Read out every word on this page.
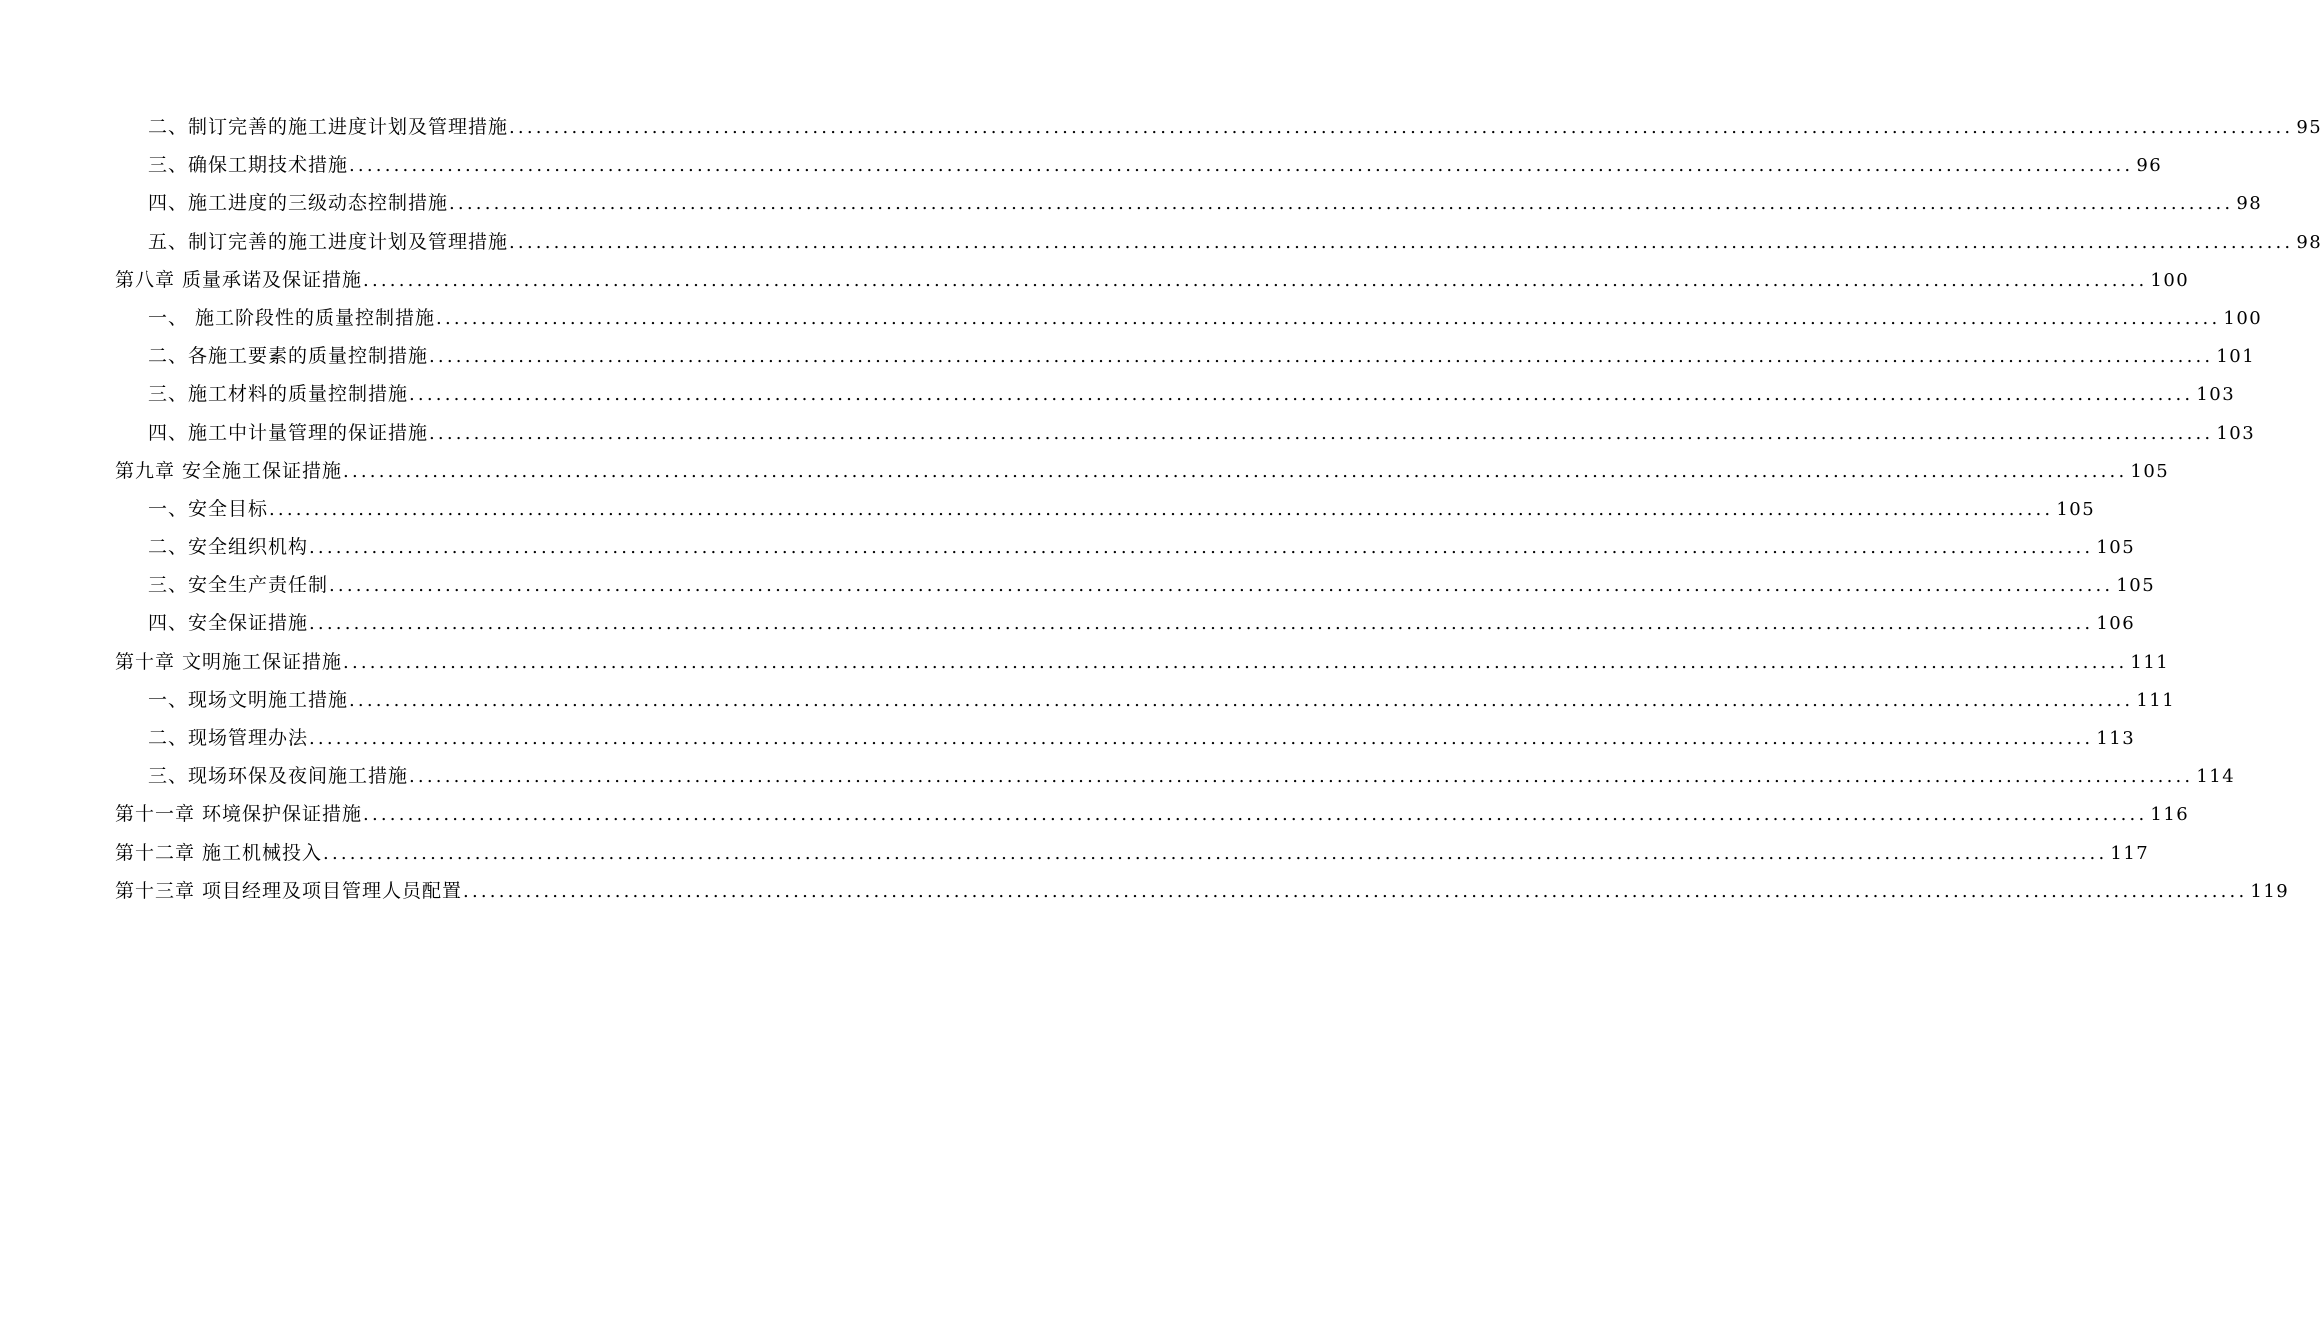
二、制订完善的施工进度计划及管理措施 ........................................................................................................................................................................................................ 95
三、确保工期技术措施 ........................................................................................................................................................................................................ 96
四、施工进度的三级动态控制措施 ........................................................................................................................................................................................................ 98
五、制订完善的施工进度计划及管理措施 ........................................................................................................................................................................................................ 98
第八章 质量承诺及保证措施 ........................................................................................................................................................................................................ 100
一、 施工阶段性的质量控制措施 ........................................................................................................................................................................................................ 100
二、各施工要素的质量控制措施 ........................................................................................................................................................................................................ 101
三、施工材料的质量控制措施 ........................................................................................................................................................................................................ 103
四、施工中计量管理的保证措施 ........................................................................................................................................................................................................ 103
第九章 安全施工保证措施 ........................................................................................................................................................................................................ 105
一、安全目标 ........................................................................................................................................................................................................ 105
二、安全组织机构 ........................................................................................................................................................................................................ 105
三、安全生产责任制 ........................................................................................................................................................................................................ 105
四、安全保证措施 ........................................................................................................................................................................................................ 106
第十章 文明施工保证措施 ........................................................................................................................................................................................................ 111
一、现场文明施工措施 ........................................................................................................................................................................................................ 111
二、现场管理办法 ........................................................................................................................................................................................................ 113
三、现场环保及夜间施工措施 ........................................................................................................................................................................................................ 114
第十一章 环境保护保证措施 ........................................................................................................................................................................................................ 116
第十二章 施工机械投入 ........................................................................................................................................................................................................ 117
第十三章 项目经理及项目管理人员配置 ........................................................................................................................................................................................................ 119
